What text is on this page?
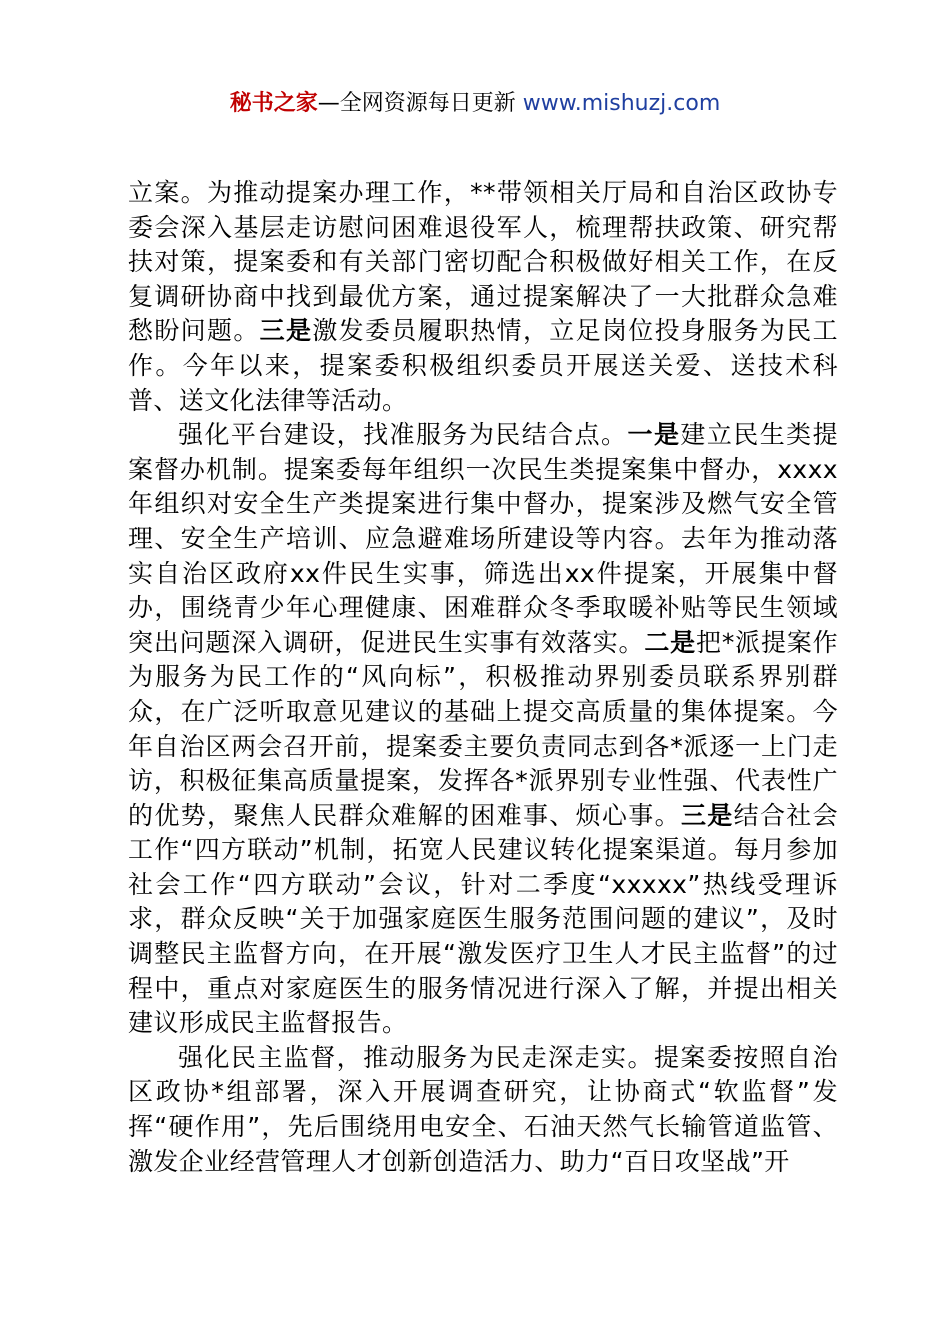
秘书之家—全网资源每日更新 www.mishuzj.com

立案。为推动提案办理工作，**带领相关厅局和自治区政协专委会深入基层走访慰问困难退役军人，梳理帮扶政策、研究帮扶对策，提案委和有关部门密切配合积极做好相关工作，在反复调研协商中找到最优方案，通过提案解决了一大批群众急难愁盼问题。三是激发委员履职热情，立足岗位投身服务为民工作。今年以来，提案委积极组织委员开展送关爱、送技术科普、送文化法律等活动。

强化平台建设，找准服务为民结合点。一是建立民生类提案督办机制。提案委每年组织一次民生类提案集中督办，xxxx年组织对安全生产类提案进行集中督办，提案涉及燃气安全管理、安全生产培训、应急避难场所建设等内容。去年为推动落实自治区政府xx件民生实事，筛选出xx件提案，开展集中督办，围绕青少年心理健康、困难群众冬季取暖补贴等民生领域突出问题深入调研，促进民生实事有效落实。二是把*派提案作为服务为民工作的“风向标”，积极推动界别委员联系界别群众，在广泛听取意见建议的基础上提交高质量的集体提案。今年自治区两会召开前，提案委主要负责同志到各*派逐一上门走访，积极征集高质量提案，发挥各*派界别专业性强、代表性广的优势，聚焦人民群众难解的困难事、烦心事。三是结合社会工作“四方联动”机制，拓宽人民建议转化提案渠道。每月参加社会工作“四方联动”会议，针对二季度“xxxxx”热线受理诉求，群众反映“关于加强家庭医生服务范围问题的建议”，及时调整民主监督方向，在开展“激发医疗卫生人才民主监督”的过程中，重点对家庭医生的服务情况进行深入了解，并提出相关建议形成民主监督报告。

强化民主监督，推动服务为民走深走实。提案委按照自治区政协*组部署，深入开展调查研究，让协商式“软监督”发挥“硬作用”，先后围绕用电安全、石油天然气长输管道监管、激发企业经营管理人才创新创造活力、助力“百日攻坚战”开
